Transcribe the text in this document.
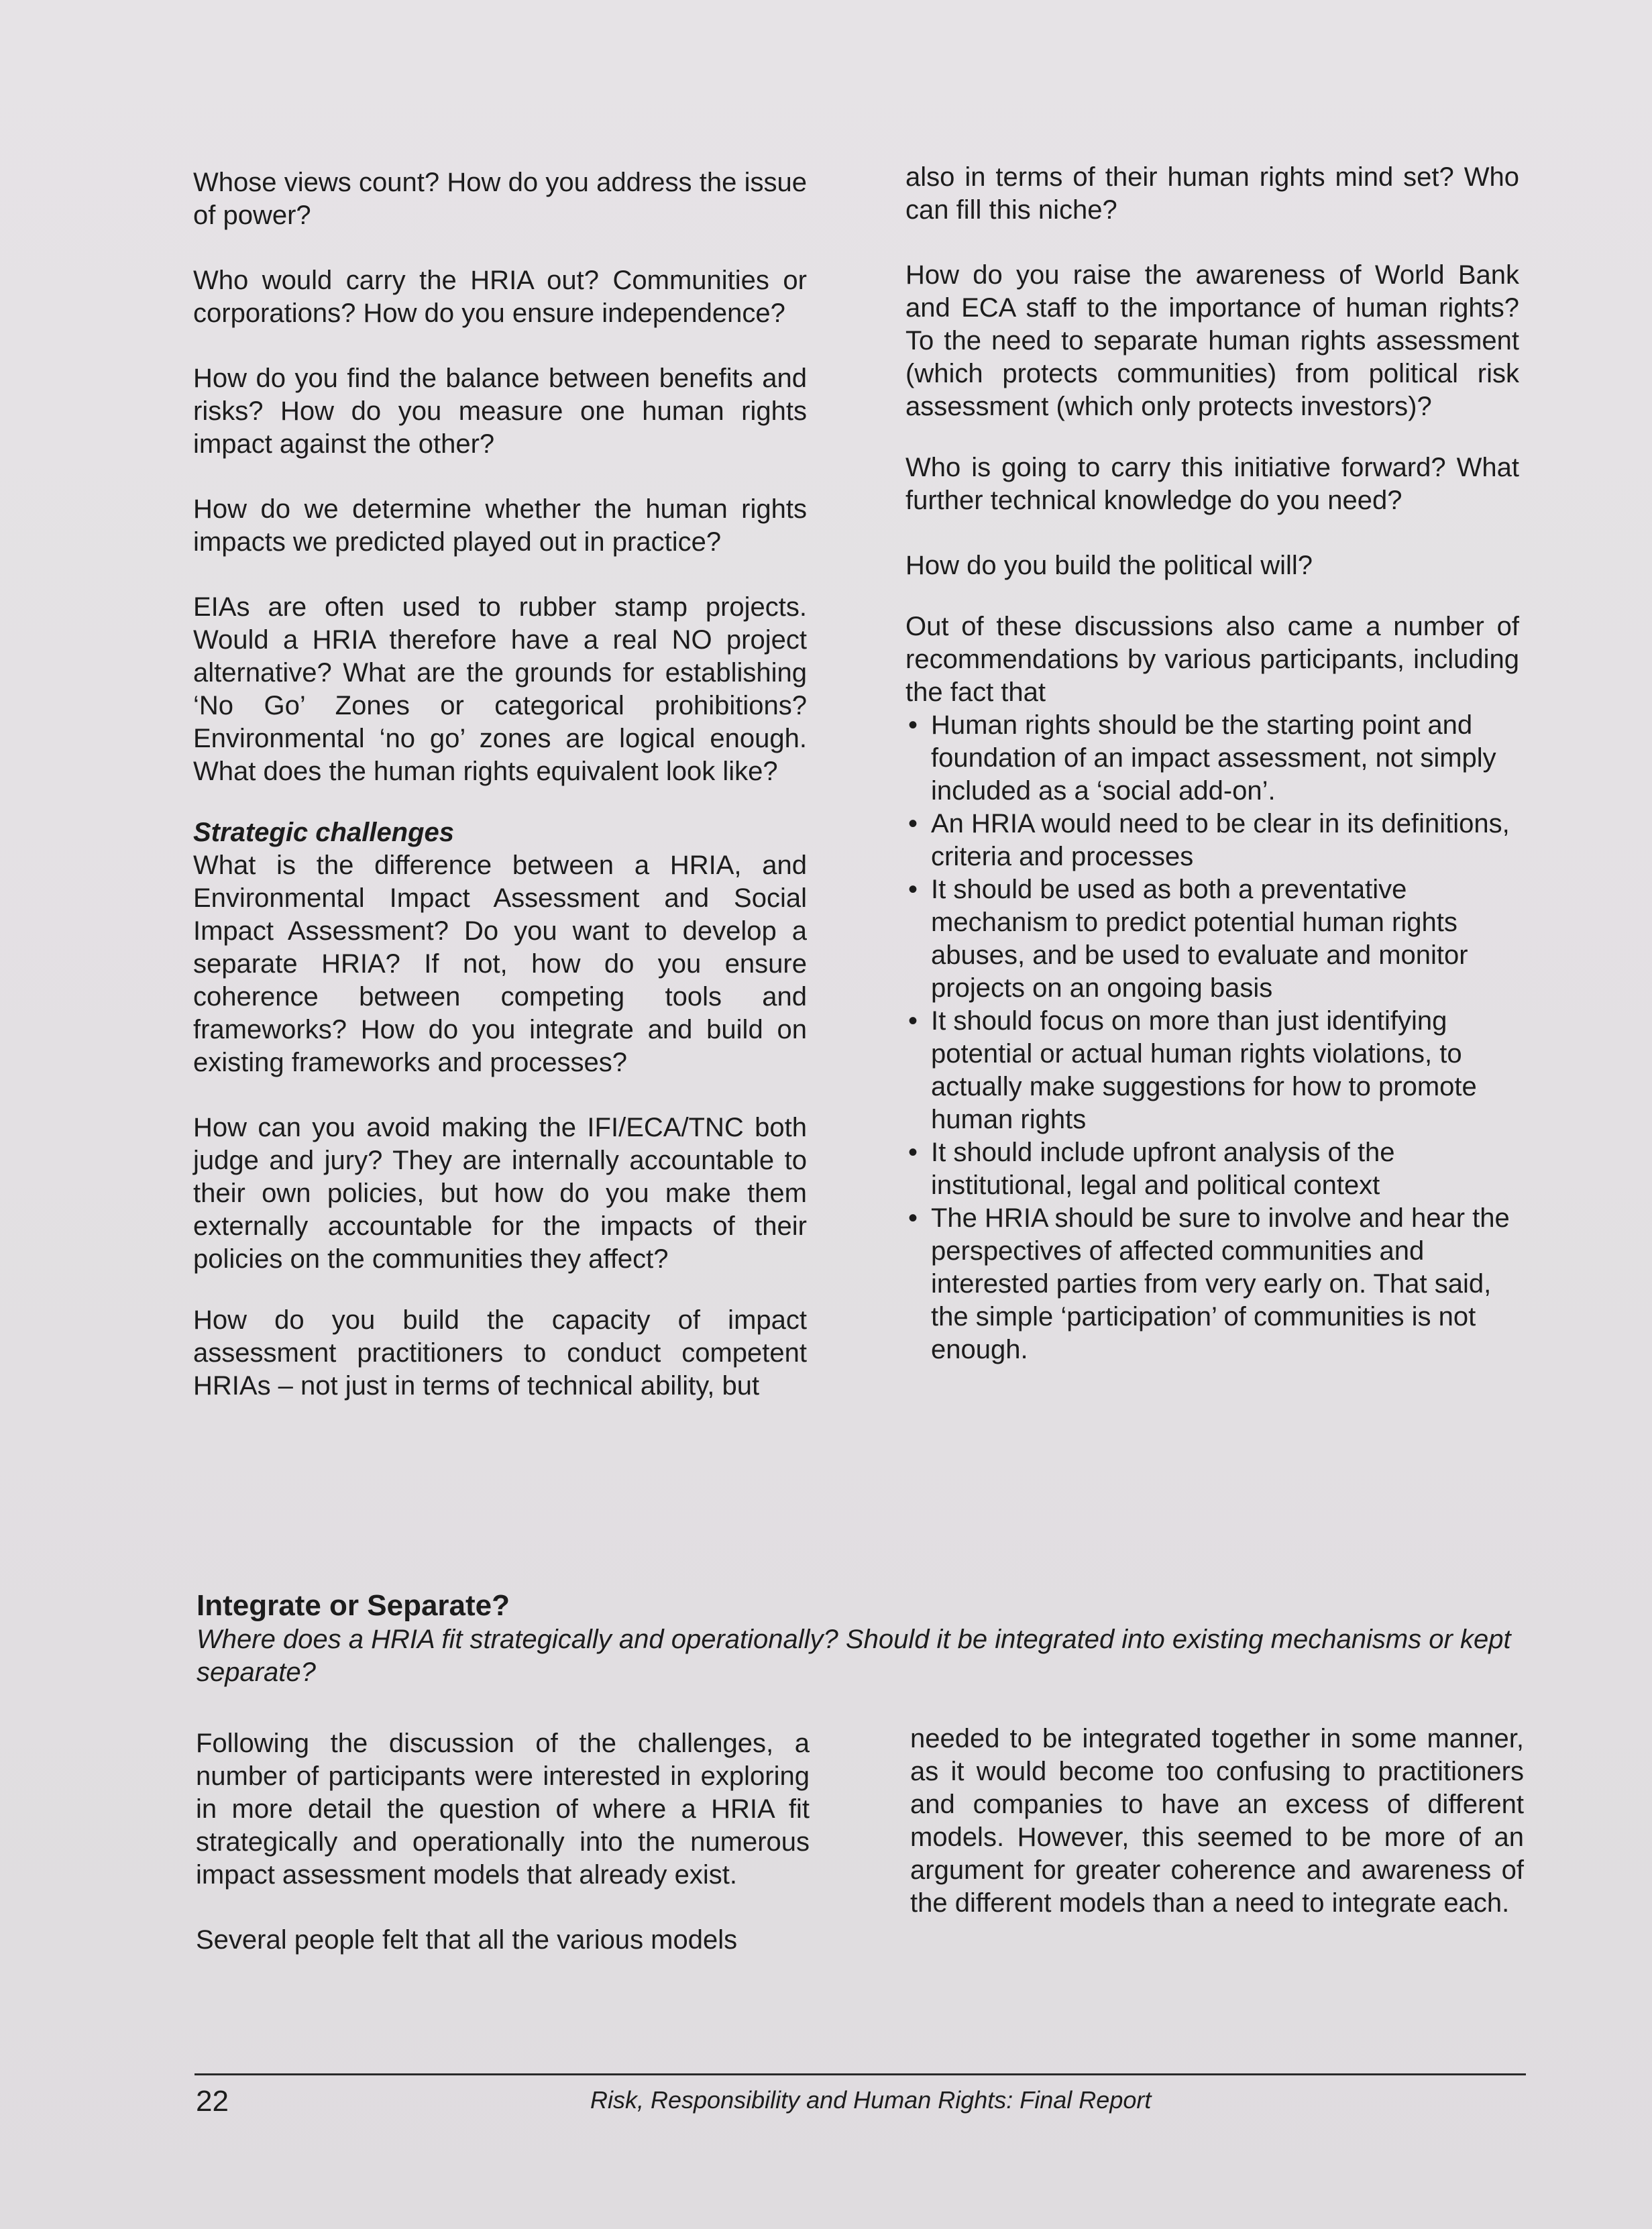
Whose views count? How do you address the issue of power?

Who would carry the HRIA out? Communities or corporations? How do you ensure independence?

How do you find the balance between benefits and risks? How do you measure one human rights impact against the other?

How do we determine whether the human rights impacts we predicted played out in practice?

EIAs are often used to rubber stamp projects. Would a HRIA therefore have a real NO project alternative? What are the grounds for establishing ‘No Go’ Zones or categorical prohibitions? Environmental ‘no go’ zones are logical enough. What does the human rights equivalent look like?

Strategic challenges

What is the difference between a HRIA, and Environmental Impact Assessment and Social Impact Assessment? Do you want to develop a separate HRIA? If not, how do you ensure coherence between competing tools and frameworks? How do you integrate and build on existing frameworks and processes?

How can you avoid making the IFI/ECA/TNC both judge and jury? They are internally accountable to their own policies, but how do you make them externally accountable for the impacts of their policies on the communities they affect?

How do you build the capacity of impact assessment practitioners to conduct competent HRIAs – not just in terms of technical ability, but

also in terms of their human rights mind set? Who can fill this niche?

How do you raise the awareness of World Bank and ECA staff to the importance of human rights? To the need to separate human rights assessment (which protects communities) from political risk assessment (which only protects investors)?

Who is going to carry this initiative forward? What further technical knowledge do you need?

How do you build the political will?

Out of these discussions also came a number of recommendations by various participants, including the fact that

• Human rights should be the starting point and foundation of an impact assessment, not simply included as a ‘social add-on’.
• An HRIA would need to be clear in its definitions, criteria and processes
• It should be used as both a preventative mechanism to predict potential human rights abuses, and be used to evaluate and monitor projects on an ongoing basis
• It should focus on more than just identifying potential or actual human rights violations, to actually make suggestions for how to promote human rights
• It should include upfront analysis of the institutional, legal and political context
• The HRIA should be sure to involve and hear the perspectives of affected communities and interested parties from very early on. That said, the simple ‘participation’ of communities is not enough.
Integrate or Separate?

Where does a HRIA fit strategically and operationally? Should it be integrated into existing mechanisms or kept separate?

Following the discussion of the challenges, a number of participants were interested in exploring in more detail the question of where a HRIA fit strategically and operationally into the numerous impact assessment models that already exist.

Several people felt that all the various models

needed to be integrated together in some manner, as it would become too confusing to practitioners and companies to have an excess of different models. However, this seemed to be more of an argument for greater coherence and awareness of the different models than a need to integrate each.

22	Risk, Responsibility and Human Rights: Final Report
